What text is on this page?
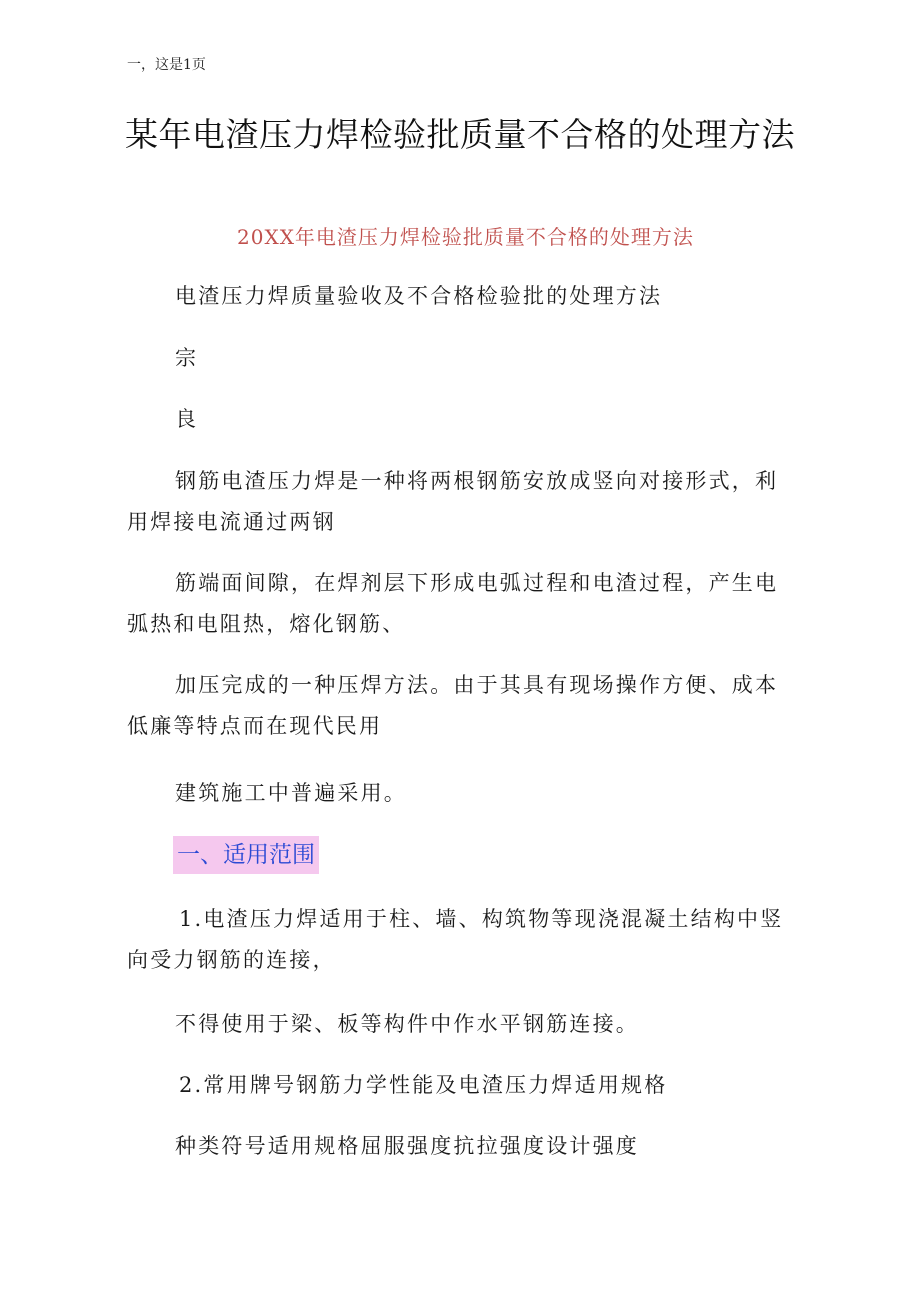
一，这是1页
某年电渣压力焊检验批质量不合格的处理方法
20XX年电渣压力焊检验批质量不合格的处理方法

电渣压力焊质量验收及不合格检验批的处理方法

宗

良

钢筋电渣压力焊是一种将两根钢筋安放成竖向对接形式，利用焊接电流通过两钢

筋端面间隙，在焊剂层下形成电弧过程和电渣过程，产生电弧热和电阻热，熔化钢筋、

加压完成的一种压焊方法。由于其具有现场操作方便、成本低廉等特点而在现代民用

建筑施工中普遍采用。

一、适用范围

1.电渣压力焊适用于柱、墙、构筑物等现浇混凝土结构中竖向受力钢筋的连接，

不得使用于梁、板等构件中作水平钢筋连接。

2.常用牌号钢筋力学性能及电渣压力焊适用规格

种类符号适用规格屈服强度抗拉强度设计强度
